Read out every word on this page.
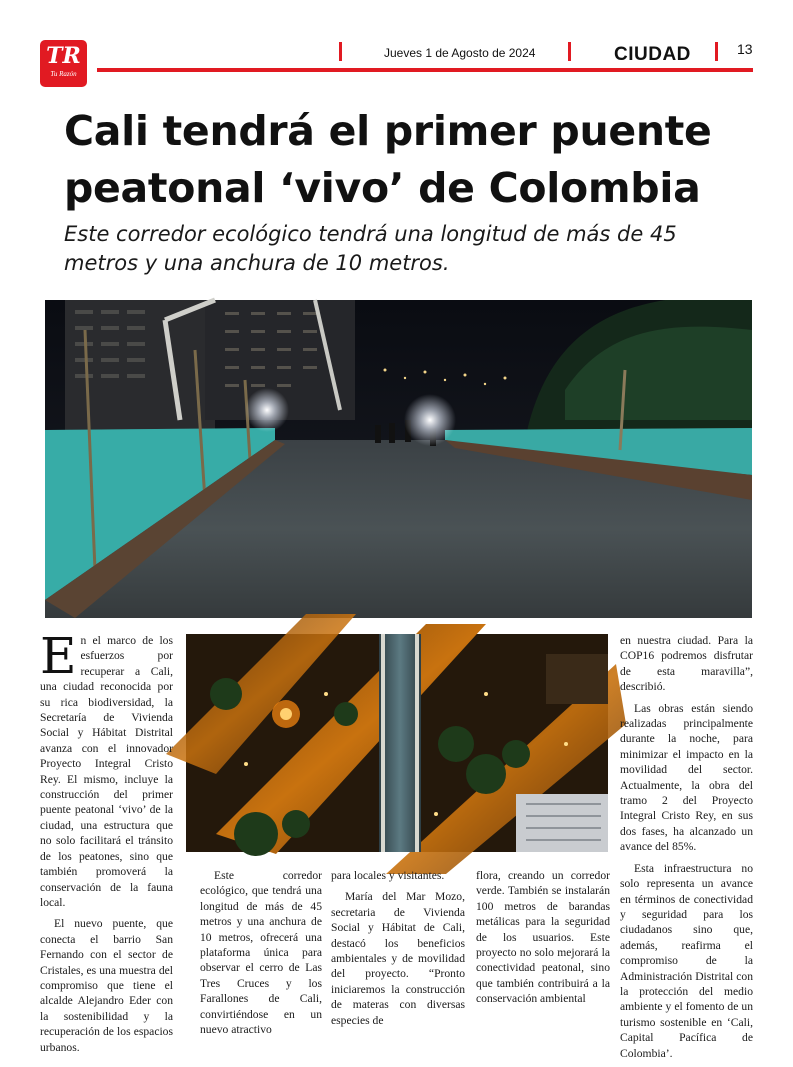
TR
Tu Razón
Jueves 1 de Agosto de 2024	CIUDAD	13
Cali tendrá el primer puente
peatonal ‘vivo’ de Colombia
Este corredor ecológico tendrá una longitud de más de 45
metros y una anchura de 10 metros.

En el marco de los esfuerzos por recuperar a Cali, una ciudad reconocida por su rica biodiversidad, la Secretaría de Vivienda Social y Hábitat Distrital avanza con el innovador Proyecto Integral Cristo Rey. El mismo, incluye la construcción del primer puente peatonal ‘vivo’ de la ciudad, una estructura que no solo facilitará el tránsito de los peatones, sino que también promoverá la conservación de la fauna local.

El nuevo puente, que conecta el barrio San Fernando con el sector de Cristales, es una muestra del compromiso que tiene el alcalde Alejandro Eder con la sostenibilidad y la recuperación de los espacios urbanos.

Este corredor ecológico, que tendrá una longitud de más de 45 metros y una anchura de 10 metros, ofrecerá una plataforma única para observar el cerro de Las Tres Cruces y los Farallones de Cali, convirtiéndose en un nuevo atractivo

para locales y visitantes.

María del Mar Mozo, secretaria de Vivienda Social y Hábitat de Cali, destacó los beneficios ambientales y de movilidad del proyecto. “Pronto iniciaremos la construcción de materas con diversas especies de

flora, creando un corredor verde. También se instalarán 100 metros de barandas metálicas para la seguridad de los usuarios. Este proyecto no solo mejorará la conectividad peatonal, sino que también contribuirá a la conservación ambiental

en nuestra ciudad. Para la COP16 podremos disfrutar de esta maravilla”, describió.

Las obras están siendo realizadas principalmente durante la noche, para minimizar el impacto en la movilidad del sector. Actualmente, la obra del tramo 2 del Proyecto Integral Cristo Rey, en sus dos fases, ha alcanzado un avance del 85%.

Esta infraestructura no solo representa un avance en términos de conectividad y seguridad para los ciudadanos sino que, además, reafirma el compromiso de la Administración Distrital con la protección del medio ambiente y el fomento de un turismo sostenible en ‘Cali, Capital Pacífica de Colombia’.
